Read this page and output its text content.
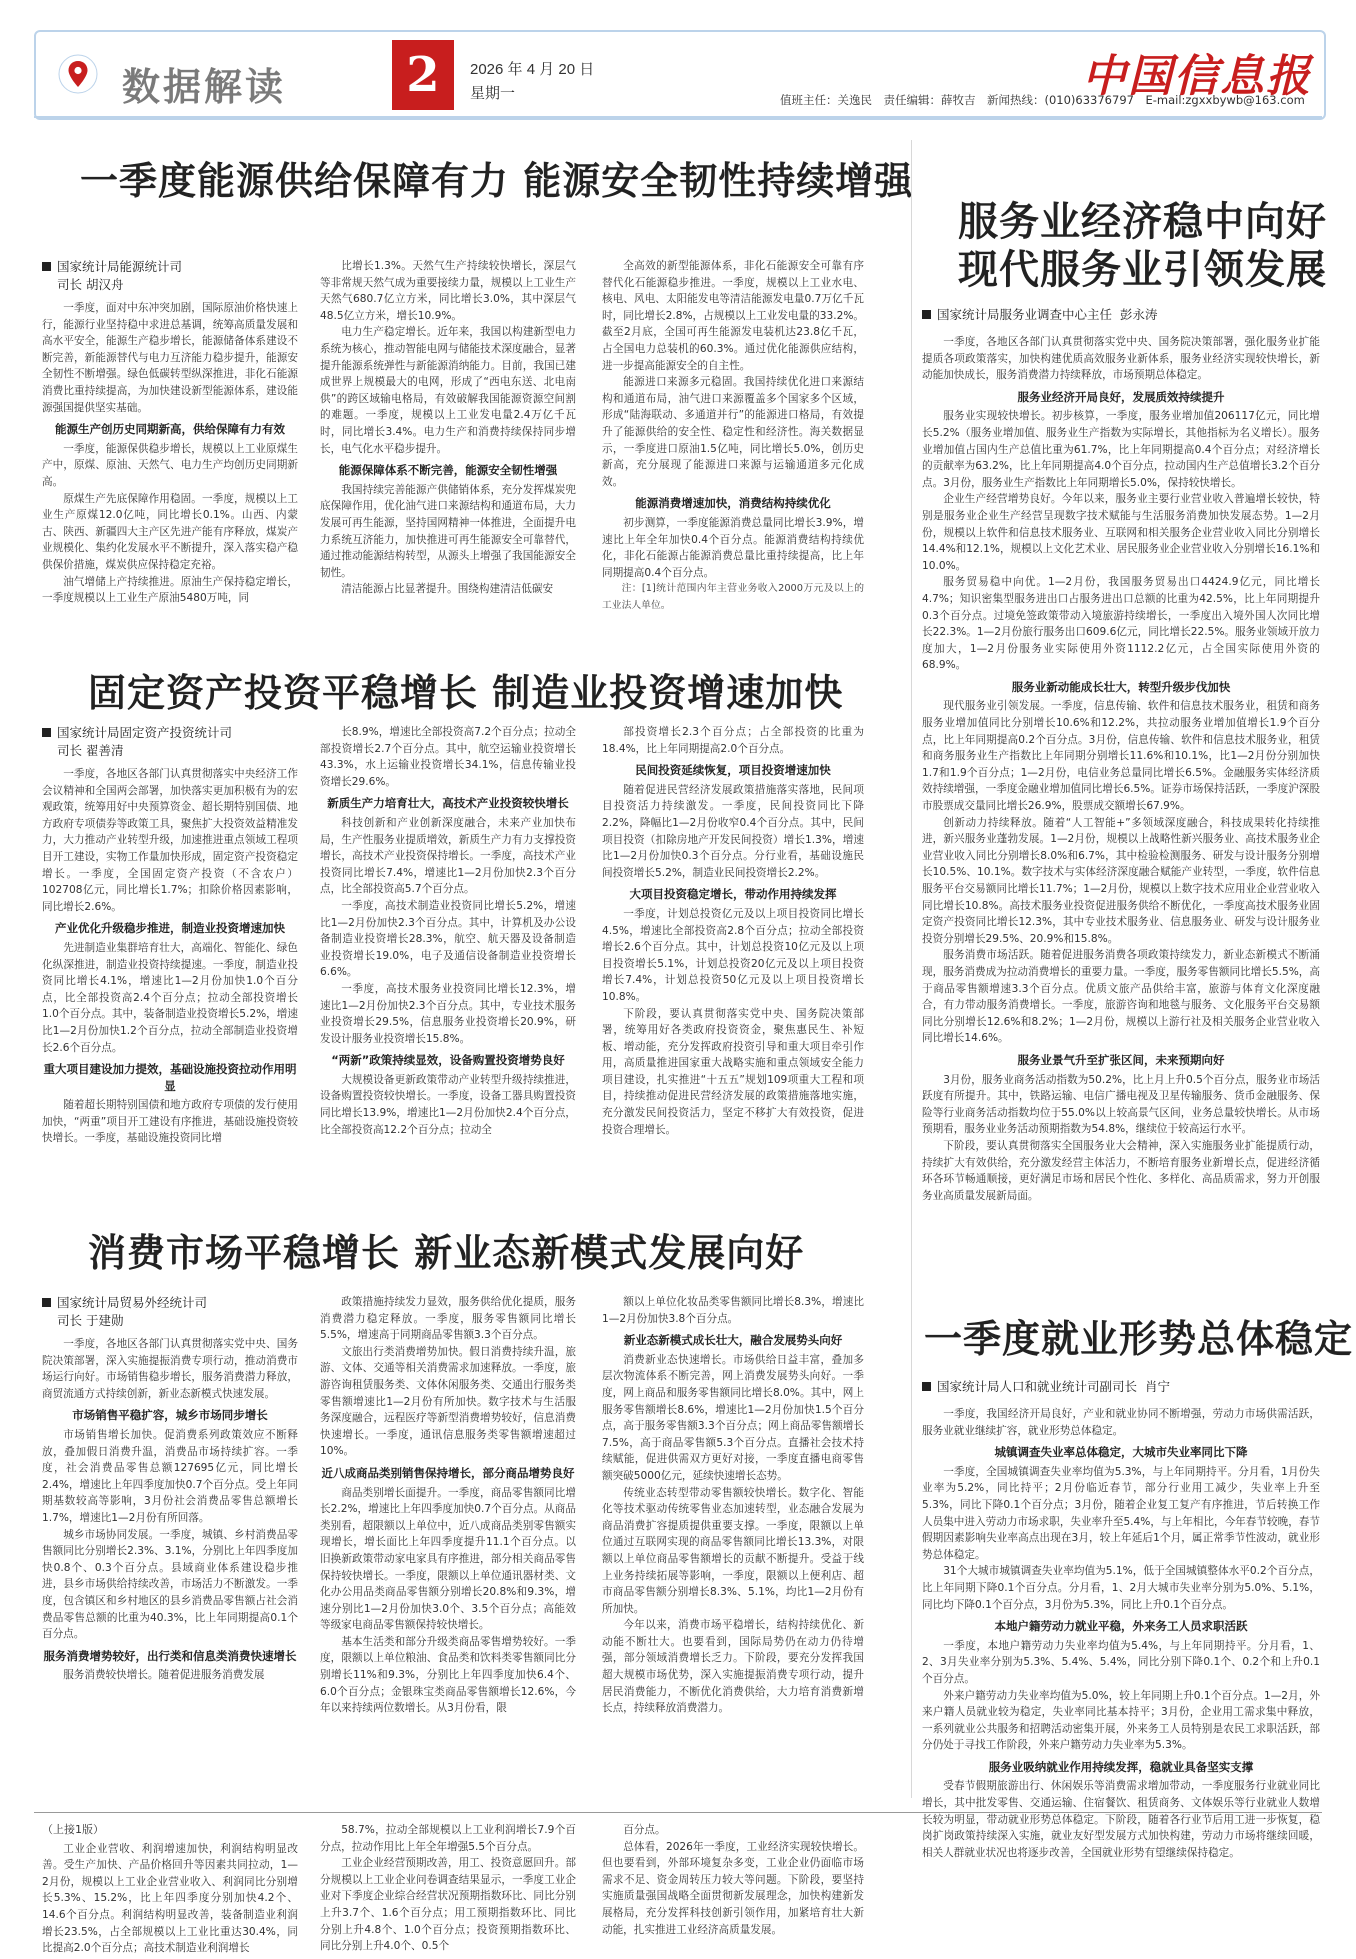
数据解读	2	2026 年 4 月 20 日
星期一	中国信息报
值班主任：关逸民　责任编辑：薛牧吉　新闻热线：(010)63376797　E-mail:zgxxbywb@163.com
一季度能源供给保障有力 能源安全韧性持续增强
国家统计局能源统计司
司长 胡汉舟

一季度，面对中东冲突加剧，国际原油价格快速上行，能源行业坚持稳中求进总基调，统筹高质量发展和高水平安全，能源生产稳步增长，能源储备体系建设不断完善，新能源替代与电力互济能力稳步提升，能源安全韧性不断增强。绿色低碳转型纵深推进，非化石能源消费比重持续提高，为加快建设新型能源体系，建设能源强国提供坚实基础。

能源生产创历史同期新高，供给保障有力有效

一季度，能源保供稳步增长，规模以上工业原煤生产中，原煤、原油、天然气、电力生产均创历史同期新高。

原煤生产先底保障作用稳固。一季度，规模以上工业生产原煤12.0亿吨，同比增长0.1%。山西、内蒙古、陕西、新疆四大主产区先进产能有序释放，煤炭产业规模化、集约化发展水平不断提升，深入落实稳产稳供保价措施，煤炭供应保持稳定充裕。

油气增储上产持续推进。原油生产保持稳定增长，一季度规模以上工业生产原油5480万吨，同

比增长1.3%。天然气生产持续较快增长，深层气等非常规天然气成为重要接续力量，规模以上工业生产天然气680.7亿立方米，同比增长3.0%，其中深层气48.5亿立方米，增长10.9%。

电力生产稳定增长。近年来，我国以构建新型电力系统为核心，推动智能电网与储能技术深度融合，显著提升能源系统弹性与新能源消纳能力。目前，我国已建成世界上规模最大的电网，形成了“西电东送、北电南供”的跨区域输电格局，有效破解我国能源资源空间割的难题。一季度，规模以上工业发电量2.4万亿千瓦时，同比增长3.4%。电力生产和消费持续保持同步增长，电气化水平稳步提升。

能源保障体系不断完善，能源安全韧性增强

我国持续完善能源产供储销体系，充分发挥煤炭兜底保障作用，优化油气进口来源结构和通道布局，大力发展可再生能源，坚持国网精神一体推进，全面提升电力系统互济能力，加快推进可再生能源安全可靠替代，通过推动能源结构转型，从源头上增强了我国能源安全韧性。

清洁能源占比显著提升。围绕构建清洁低碳安

全高效的新型能源体系，非化石能源安全可靠有序替代化石能源稳步推进。一季度，规模以上工业水电、核电、风电、太阳能发电等清洁能源发电量0.7万亿千瓦时，同比增长2.8%，占规模以上工业发电量的33.2%。截至2月底，全国可再生能源发电装机达23.8亿千瓦，占全国电力总装机的60.3%。通过优化能源供应结构，进一步提高能源安全的自主性。

能源进口来源多元稳固。我国持续优化进口来源结构和通道布局，油气进口来源覆盖多个国家多个区域，形成“陆海联动、多通道并行”的能源进口格局，有效提升了能源供给的安全性、稳定性和经济性。海关数据显示，一季度进口原油1.5亿吨，同比增长5.0%，创历史新高，充分展现了能源进口来源与运输通道多元化成效。

能源消费增速加快，消费结构持续优化

初步测算，一季度能源消费总量同比增长3.9%，增速比上年全年加快0.4个百分点。能源消费结构持续优化，非化石能源占能源消费总量比重持续提高，比上年同期提高0.4个百分点。

注：[1]统计范围内年主营业务收入2000万元及以上的工业法人单位。

服务业经济稳中向好
现代服务业引领发展
国家统计局服务业调查中心主任 彭永涛

一季度，各地区各部门认真贯彻落实党中央、国务院决策部署，强化服务业扩能提质各项政策落实，加快构建优质高效服务业新体系，服务业经济实现较快增长，新动能加快成长，服务消费潜力持续释放，市场预期总体稳定。

服务业经济开局良好，发展质效持续提升

服务业实现较快增长。初步核算，一季度，服务业增加值206117亿元，同比增长5.2%（服务业增加值、服务业生产指数为实际增长，其他指标为名义增长）。服务业增加值占国内生产总值比重为61.7%，比上年同期提高0.4个百分点；对经济增长的贡献率为63.2%，比上年同期提高4.0个百分点，拉动国内生产总值增长3.2个百分点。3月份，服务业生产指数比上年同期增长5.0%，保持较快增长。

企业生产经营增势良好。今年以来，服务业主要行业营业收入普遍增长较快，特别是服务业企业生产经营呈现数字技术赋能与生活服务消费加快发展态势。1—2月份，规模以上软件和信息技术服务业、互联网和相关服务企业营业收入同比分别增长14.4%和12.1%，规模以上文化艺术业、居民服务业企业营业收入分别增长16.1%和10.0%。

服务贸易稳中向优。1—2月份，我国服务贸易出口4424.9亿元，同比增长4.7%；知识密集型服务进出口占服务进出口总额的比重为42.5%，比上年同期提升0.3个百分点。过境免签政策带动入境旅游持续增长，一季度出入境外国人次同比增长22.3%。1—2月份旅行服务出口609.6亿元，同比增长22.5%。服务业领域开放力度加大，1—2月份服务业实际使用外资1112.2亿元，占全国实际使用外资的68.9%。

服务业新动能成长壮大，转型升级步伐加快

现代服务业引领发展。一季度，信息传输、软件和信息技术服务业，租赁和商务服务业增加值同比分别增长10.6%和12.2%，共拉动服务业增加值增长1.9个百分点，比上年同期提高0.2个百分点。3月份，信息传输、软件和信息技术服务业，租赁和商务服务业生产指数比上年同期分别增长11.6%和10.1%，比1—2月份分别加快1.7和1.9个百分点；1—2月份，电信业务总量同比增长6.5%。金融服务实体经济质效持续增强，一季度金融业增加值同比增长6.5%。证券市场保持活跃，一季度沪深股市股票成交量同比增长26.9%，股票成交额增长67.9%。

创新动力持续释放。随着“人工智能+”多领域深度融合，科技成果转化持续推进，新兴服务业蓬勃发展。1—2月份，规模以上战略性新兴服务业、高技术服务业企业营业收入同比分别增长8.0%和6.7%，其中检验检测服务、研发与设计服务分别增长10.5%、10.1%。数字技术与实体经济深度融合赋能产业转型，一季度，软件信息服务平台交易额同比增长11.7%；1—2月份，规模以上数字技术应用业企业营业收入同比增长10.8%。高技术服务业投资促进服务供给不断优化，一季度高技术服务业固定资产投资同比增长12.3%，其中专业技术服务业、信息服务业、研发与设计服务业投资分别增长29.5%、20.9%和15.8%。

服务消费市场活跃。随着促进服务消费各项政策持续发力，新业态新模式不断涌现，服务消费成为拉动消费增长的重要力量。一季度，服务零售额同比增长5.5%，高于商品零售额增速3.3个百分点。优质文旅产品供给丰富，旅游与体育文化深度融合，有力带动服务消费增长。一季度，旅游咨询和地毯与服务、文化服务平台交易额同比分别增长12.6%和8.2%；1—2月份，规模以上游行社及相关服务企业营业收入同比增长14.6%。

服务业景气升至扩张区间，未来预期向好

3月份，服务业商务活动指数为50.2%，比上月上升0.5个百分点，服务业市场活跃度有所提升。其中，铁路运输、电信广播电视及卫星传输服务、货币金融服务、保险等行业商务活动指数均位于55.0%以上较高景气区间，业务总量较快增长。从市场预期看，服务业业务活动预期指数为54.8%，继续位于较高运行水平。

下阶段，要认真贯彻落实全国服务业大会精神，深入实施服务业扩能提质行动，持续扩大有效供给，充分激发经营主体活力，不断培育服务业新增长点，促进经济循环各环节畅通顺接，更好满足市场和居民个性化、多样化、高品质需求，努力开创服务业高质量发展新局面。

固定资产投资平稳增长 制造业投资增速加快
国家统计局固定资产投资统计司
司长 翟善清

一季度，各地区各部门认真贯彻落实中央经济工作会议精神和全国两会部署，加快落实更加积极有为的宏观政策，统筹用好中央预算资金、超长期特别国债、地方政府专项债券等政策工具，聚焦扩大投资效益精准发力，大力推动产业转型升级，加速推进重点领域工程项目开工建设，实物工作量加快形成，固定资产投资稳定增长。一季度，全国固定资产投资（不含农户）102708亿元，同比增长1.7%；扣除价格因素影响，同比增长2.6%。

产业优化升级稳步推进，制造业投资增速加快

先进制造业集群培育壮大，高端化、智能化、绿色化纵深推进，制造业投资持续提速。一季度，制造业投资同比增长4.1%，增速比1—2月份加快1.0个百分点，比全部投资高2.4个百分点；拉动全部投资增长1.0个百分点。其中，装备制造业投资增长5.2%，增速比1—2月份加快1.2个百分点，拉动全部制造业投资增长2.6个百分点。

重大项目建设加力提效，基础设施投资拉动作用明显

随着超长期特别国债和地方政府专项债的发行使用加快，“两重”项目开工建设有序推进，基础设施投资较快增长。一季度，基础设施投资同比增

长8.9%，增速比全部投资高7.2个百分点；拉动全部投资增长2.7个百分点。其中，航空运输业投资增长43.3%，水上运输业投资增长34.1%，信息传输业投资增长29.6%。

新质生产力培育壮大，高技术产业投资较快增长

科技创新和产业创新深度融合，未来产业加快布局，生产性服务业提质增效，新质生产力有力支撑投资增长，高技术产业投资保持增长。一季度，高技术产业投资同比增长7.4%，增速比1—2月份加快2.3个百分点，比全部投资高5.7个百分点。

一季度，高技术制造业投资同比增长5.2%，增速比1—2月份加快2.3个百分点。其中，计算机及办公设备制造业投资增长28.3%，航空、航天器及设备制造业投资增长19.0%，电子及通信设备制造业投资增长6.6%。

一季度，高技术服务业投资同比增长12.3%，增速比1—2月份加快2.3个百分点。其中，专业技术服务业投资增长29.5%，信息服务业投资增长20.9%，研发设计服务业投资增长15.8%。

“两新”政策持续显效，设备购置投资增势良好

大规模设备更新政策带动产业转型升级持续推进，设备购置投资较快增长。一季度，设备工器具购置投资同比增长13.9%，增速比1—2月份加快2.4个百分点，比全部投资高12.2个百分点；拉动全

部投资增长2.3个百分点；占全部投资的比重为18.4%，比上年同期提高2.0个百分点。

民间投资延续恢复，项目投资增速加快

随着促进民营经济发展政策措施落实落地，民间项目投资活力持续激发。一季度，民间投资同比下降2.2%，降幅比1—2月份收窄0.4个百分点。其中，民间项目投资（扣除房地产开发民间投资）增长1.3%，增速比1—2月份加快0.3个百分点。分行业看，基础设施民间投资增长5.2%，制造业民间投资增长2.2%。

大项目投资稳定增长，带动作用持续发挥

一季度，计划总投资亿元及以上项目投资同比增长4.5%，增速比全部投资高2.8个百分点；拉动全部投资增长2.6个百分点。其中，计划总投资10亿元及以上项目投资增长5.1%，计划总投资20亿元及以上项目投资增长7.4%，计划总投资50亿元及以上项目投资增长10.8%。

下阶段，要认真贯彻落实党中央、国务院决策部署，统筹用好各类政府投资资金，聚焦惠民生、补短板、增动能，充分发挥政府投资引导和重大项目牵引作用，高质量推进国家重大战略实施和重点领域安全能力项目建设，扎实推进“十五五”规划109项重大工程和项目，持续推动促进民营经济发展的政策措施落地实施，充分激发民间投资活力，坚定不移扩大有效投资，促进投资合理增长。

消费市场平稳增长 新业态新模式发展向好
国家统计局贸易外经统计司
司长 于建勋

一季度，各地区各部门认真贯彻落实党中央、国务院决策部署，深入实施提振消费专项行动，推动消费市场运行向好。市场销售稳步增长，服务消费潜力释放，商贸流通方式持续创新，新业态新模式快速发展。

市场销售平稳扩容，城乡市场同步增长

市场销售增长加快。促消费系列政策效应不断释放，叠加假日消费升温，消费品市场持续扩容。一季度，社会消费品零售总额127695亿元，同比增长2.4%，增速比上年四季度加快0.7个百分点。受上年同期基数较高等影响，3月份社会消费品零售总额增长1.7%，增速比1—2月份有所回落。

城乡市场协同发展。一季度，城镇、乡村消费品零售额同比分别增长2.3%、3.1%，分别比上年四季度加快0.8个、0.3个百分点。县域商业体系建设稳步推进，县乡市场供给持续改善，市场活力不断激发。一季度，包含镇区和乡村地区的县乡消费品零售额占社会消费品零售总额的比重为40.3%，比上年同期提高0.1个百分点。

服务消费增势较好，出行类和信息类消费快速增长

服务消费较快增长。随着促进服务消费发展

政策措施持续发力显效，服务供给优化提质，服务消费潜力稳定释放。一季度，服务零售额同比增长5.5%，增速高于同期商品零售额3.3个百分点。

文旅出行类消费增势加快。假日消费持续升温，旅游、文体、交通等相关消费需求加速释放。一季度，旅游咨询租赁服务类、文体休闲服务类、交通出行服务类零售额增速比1—2月份有所加快。数字技术与生活服务深度融合，远程医疗等新型消费增势较好，信息消费快速增长。一季度，通讯信息服务类零售额增速超过10%。

近八成商品类别销售保持增长，部分商品增势良好

商品类别增长面提升。一季度，商品零售额同比增长2.2%，增速比上年四季度加快0.7个百分点。从商品类别看，超限额以上单位中，近八成商品类别零售额实现增长，增长面比上年四季度提升11.1个百分点。以旧换新政策带动家电家具有序推进，部分相关商品零售保持较快增长。一季度，限额以上单位通讯器材类、文化办公用品类商品零售额分别增长20.8%和9.3%，增速分别比1—2月份加快3.0个、3.5个百分点；高能效等级家电商品零售额保持较快增长。

基本生活类和部分升级类商品零售增势较好。一季度，限额以上单位粮油、食品类和饮料类零售额同比分别增长11%和9.3%，分别比上年四季度加快6.4个、6.0个百分点；金银珠宝类商品零售额增长12.6%，今年以来持续两位数增长。从3月份看，限

额以上单位化妆品类零售额同比增长8.3%，增速比1—2月份加快3.8个百分点。

新业态新模式成长壮大，融合发展势头向好

消费新业态快速增长。市场供给日益丰富，叠加多层次物流体系不断完善，网上消费发展势头向好。一季度，网上商品和服务零售额同比增长8.0%。其中，网上服务零售额增长8.6%，增速比1—2月份加快1.5个百分点，高于服务零售额3.3个百分点；网上商品零售额增长7.5%，高于商品零售额5.3个百分点。直播社会技术持续赋能，促进供需双方更好对接，一季度直播电商零售额突破5000亿元，延续快速增长态势。

传统业态转型带动零售额较快增长。数字化、智能化等技术驱动传统零售业态加速转型，业态融合发展为商品消费扩容提质提供重要支撑。一季度，限额以上单位通过互联网实现的商品零售额同比增长13.3%，对限额以上单位商品零售额增长的贡献不断提升。受益于线上业务持续拓展等影响，一季度，限额以上便利店、超市商品零售额分别增长8.3%、5.1%，均比1—2月份有所加快。

今年以来，消费市场平稳增长，结构持续优化、新动能不断壮大。也要看到，国际局势仍在动力仍待增强，部分领域消费增长乏力。下阶段，要充分发挥我国超大规模市场优势，深入实施提振消费专项行动，提升居民消费能力，不断优化消费供给，大力培育消费新增长点，持续释放消费潜力。

一季度就业形势总体稳定
国家统计局人口和就业统计司副司长 肖宁

一季度，我国经济开局良好，产业和就业协同不断增强，劳动力市场供需活跃，服务业就业继续扩容，就业形势总体稳定。

城镇调查失业率总体稳定，大城市失业率同比下降

一季度，全国城镇调查失业率均值为5.3%，与上年同期持平。分月看，1月份失业率为5.2%，同比持平；2月份临近春节，部分行业用工减少，失业率上升至5.3%，同比下降0.1个百分点；3月份，随着企业复工复产有序推进，节后转换工作人员集中进入劳动力市场求职，失业率升至5.4%，与上年相比，今年春节较晚，春节假期因素影响失业率高点出现在3月，较上年延后1个月，属正常季节性波动，就业形势总体稳定。

31个大城市城镇调查失业率均值为5.1%，低于全国城镇整体水平0.2个百分点，比上年同期下降0.1个百分点。分月看，1、2月大城市失业率分别为5.0%、5.1%，同比均下降0.1个百分点，3月份为5.3%，同比上升0.1个百分点。

本地户籍劳动力就业平稳，外来务工人员求职活跃

一季度，本地户籍劳动力失业率均值为5.4%，与上年同期持平。分月看，1、2、3月失业率分别为5.3%、5.4%、5.4%，同比分别下降0.1个、0.2个和上升0.1个百分点。

外来户籍劳动力失业率均值为5.0%，较上年同期上升0.1个百分点。1—2月，外来户籍人员就业较为稳定，失业率同比基本持平；3月份，企业用工需求集中释放，一系列就业公共服务和招聘活动密集开展，外来务工人员特别是农民工求职活跃，部分仍处于寻找工作阶段，外来户籍劳动力失业率为5.3%。

服务业吸纳就业作用持续发挥，稳就业具备坚实支撑

受春节假期旅游出行、休闲娱乐等消费需求增加带动，一季度服务行业就业同比增长，其中批发零售、交通运输、住宿餐饮、租赁商务、文体娱乐等行业就业人数增长较为明显，带动就业形势总体稳定。下阶段，随着各行业节后用工进一步恢复，稳岗扩岗政策持续深入实施，就业友好型发展方式加快构建，劳动力市场将继续回暖，相关人群就业状况也将逐步改善，全国就业形势有望继续保持稳定。

（上接1版）

工业企业营收、利润增速加快，利润结构明显改善。受生产加快、产品价格回升等因素共同拉动，1—2月份，规模以上工业企业营业收入、利润同比分别增长5.3%、15.2%，比上年四季度分别加快4.2个、14.6个百分点。利润结构明显改善，装备制造业利润增长23.5%，占全部规模以上工业比重达30.4%，同比提高2.0个百分点；高技术制造业利润增长

58.7%，拉动全部规模以上工业利润增长7.9个百分点，拉动作用比上年全年增强5.5个百分点。

工业企业经营预期改善，用工、投资意愿回升。部分规模以上工业企业问卷调查结果显示，一季度工业企业对下季度企业综合经营状况预期指数环比、同比分别上升3.7个、1.6个百分点；用工预期指数环比、同比分别上升4.8个、1.0个百分点；投资预期指数环比、同比分别上升4.0个、0.5个

百分点。

总体看，2026年一季度，工业经济实现较快增长。但也要看到，外部环境复杂多变，工业企业仍面临市场需求不足、资金周转压力较大等问题。下阶段，要坚持实施质量强国战略全面贯彻新发展理念，加快构建新发展格局，充分发挥科技创新引领作用，加紧培育壮大新动能，扎实推进工业经济高质量发展。
